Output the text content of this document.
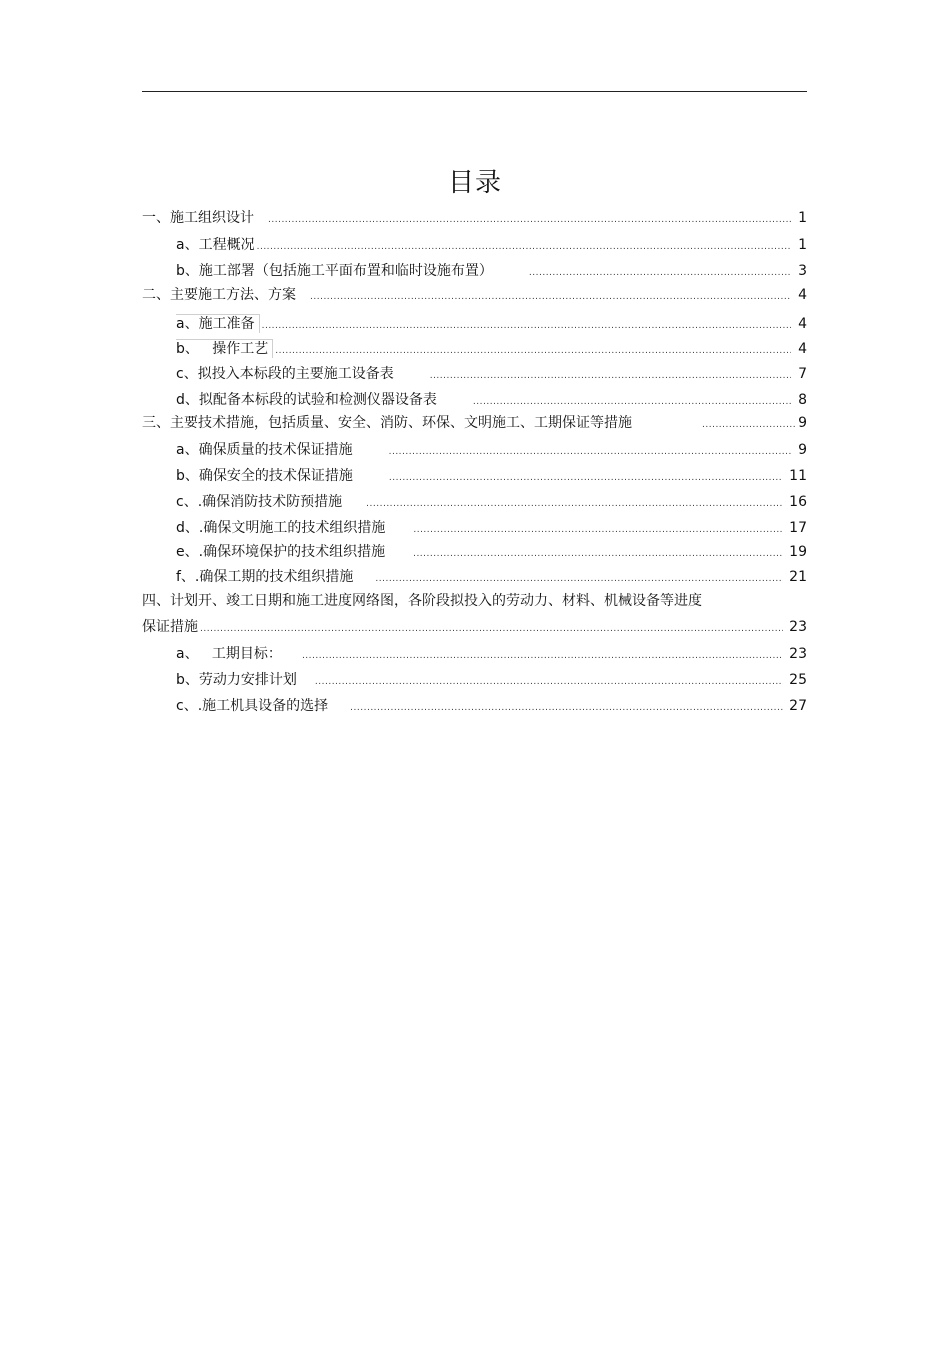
目录
一、施工组织设计 .....	1
a、工程概况 .....	1
b、施工部署（包括施工平面布置和临时设施布置） .....	3
二、主要施工方法、方案 .....	4
a、施工准备 .....	4
b、   操作工艺 .....	4
c、拟投入本标段的主要施工设备表 .....	7
d、拟配备本标段的试验和检测仪器设备表 .....	8
三、主要技术措施，包括质量、安全、消防、环保、文明施工、工期保证等措施 .....	9
a、确保质量的技术保证措施 .....	9
b、确保安全的技术保证措施 .....	11
c、.确保消防技术防预措施 .....	16
d、.确保文明施工的技术组织措施 .....	17
e、.确保环境保护的技术组织措施 .....	19
f、.确保工期的技术组织措施 .....	21
四、计划开、竣工日期和施工进度网络图，各阶段拟投入的劳动力、材料、机械设备等进度
保证措施 .....	23
a、   工期目标： .....	23
b、劳动力安排计划 .....	25
c、.施工机具设备的选择 .....	27
